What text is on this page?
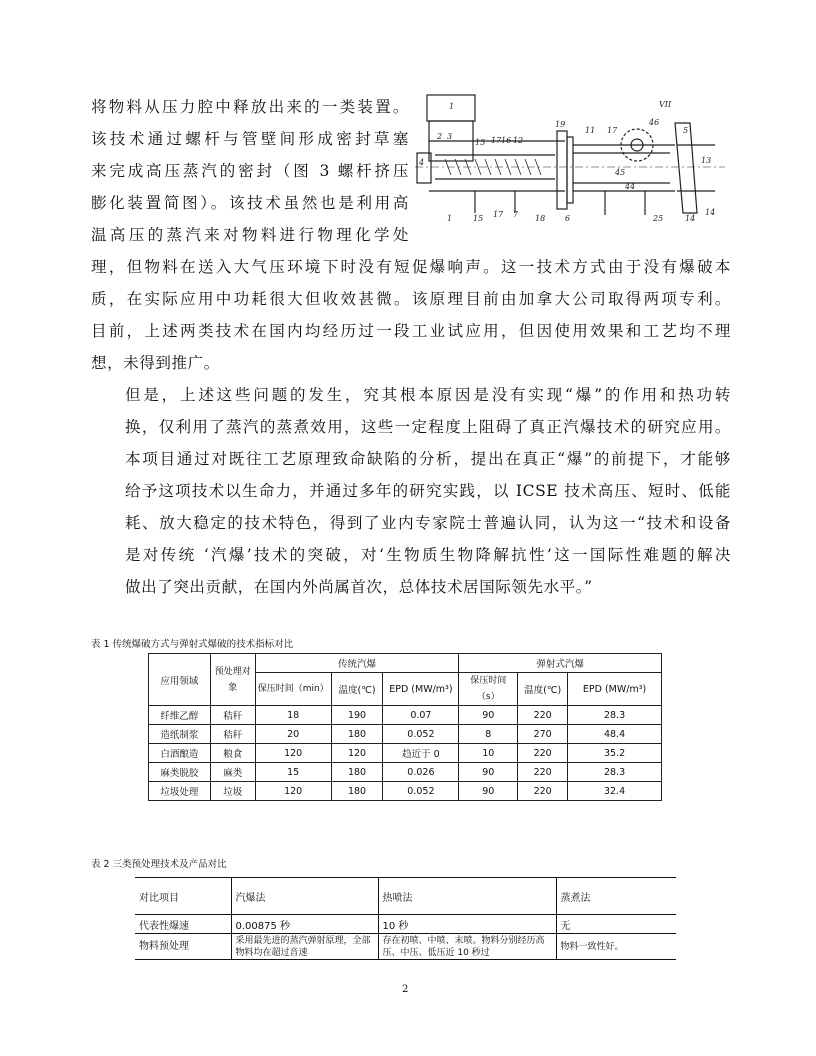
将物料从压力腔中释放出来的一类装置。
该技术通过螺杆与管壁间形成密封草塞
来完成高压蒸汽的密封（图 3 螺杆挤压
膨化装置简图）。该技术虽然也是利用高
温高压的蒸汽来对物料进行物理化学处
1
2 3
4
15 17 16 12
19
11 17
46
VII
5
13
45
44
14
1	15 17 7 18 6	25	14
理，但物料在送入大气压环境下时没有短促爆响声。这一技术方式由于没有爆破本
质，在实际应用中功耗很大但收效甚微。该原理目前由加拿大公司取得两项专利。
目前，上述两类技术在国内均经历过一段工业试应用，但因使用效果和工艺均不理
想，未得到推广。
但是，上述这些问题的发生，究其根本原因是没有实现“爆”的作用和热功转
换，仅利用了蒸汽的蒸煮效用，这些一定程度上阻碍了真正汽爆技术的研究应用。
本项目通过对既往工艺原理致命缺陷的分析，提出在真正“爆”的前提下，才能够
给予这项技术以生命力，并通过多年的研究实践，以 ICSE 技术高压、短时、低能
耗、放大稳定的技术特色，得到了业内专家院士普遍认同，认为这一“技术和设备
是对传统 ‘汽爆’技术的突破，对‘生物质生物降解抗性’这一国际性难题的解决
做出了突出贡献，在国内外尚属首次，总体技术居国际领先水平。”
表 1 传统爆破方式与弹射式爆破的技术指标对比
应用领域	预处理对象	传统汽爆			弹射式汽爆		
		保压时间（min）	温度(℃)	EPD (MW/m³)	保压时间（s）	温度(℃)	EPD (MW/m³)

纤维乙醇	秸秆	18	190	0.07	90	220	28.3
造纸制浆	秸秆	20	180	0.052	8	270	48.4
白酒酿造	粮食	120	120	趋近于 0	10	220	35.2
麻类脱胶	麻类	15	180	0.026	90	220	28.3
垃圾处理	垃圾	120	180	0.052	90	220	32.4
表 2 三类预处理技术及产品对比
对比项目	汽爆法	热喷法	蒸煮法
代表性爆速	0.00875 秒	10 秒	无
物料预处理	采用最先进的蒸汽弹射原理，全部物料均在超过音速	存在初喷、中喷、末喷。物料分别经历高压、中压、低压近 10 秒过	物料一致性好。
2
